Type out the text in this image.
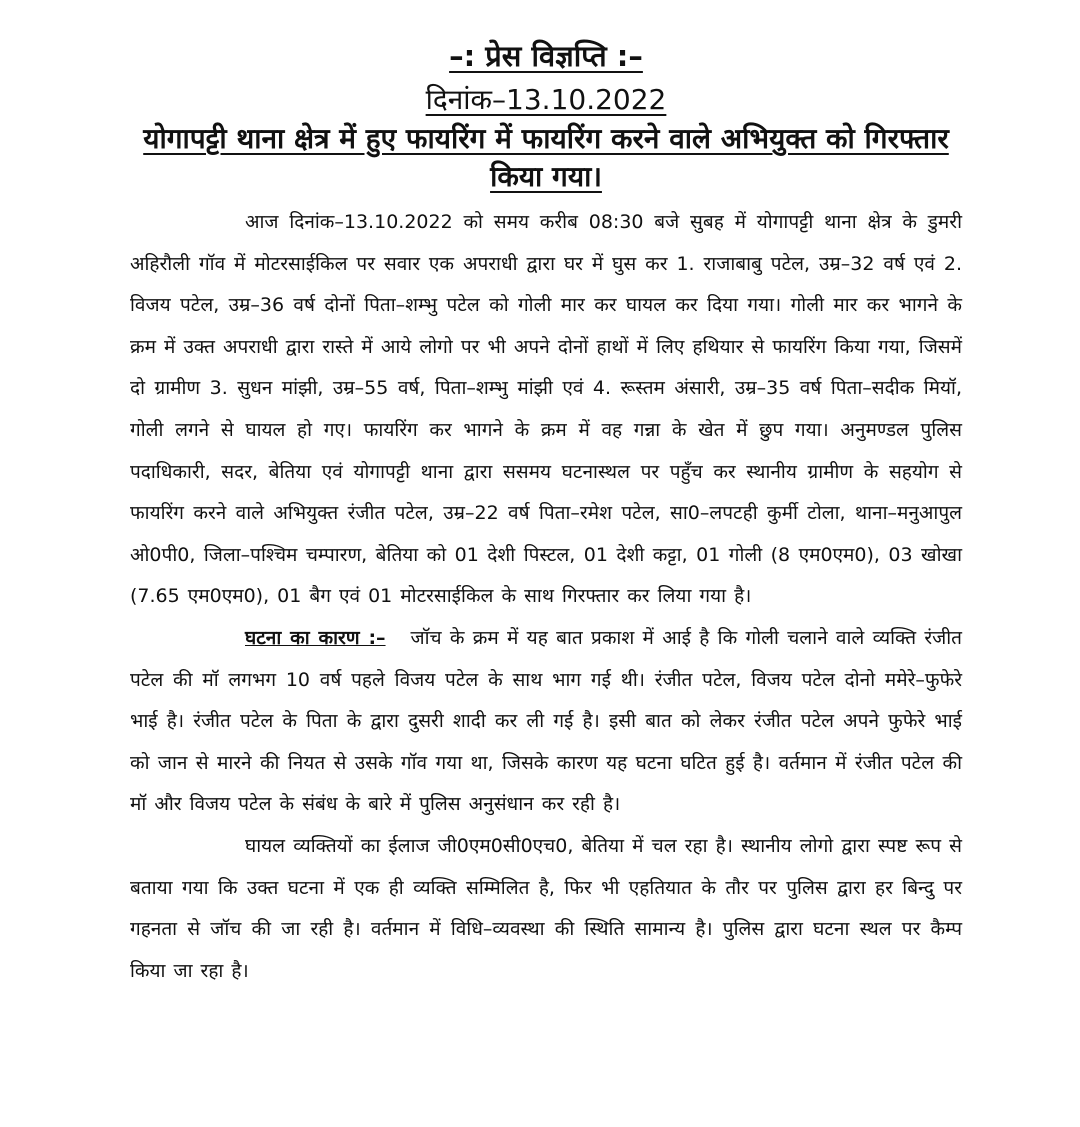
–: प्रेस विज्ञप्ति :–
दिनांक–13.10.2022
योगापट्टी थाना क्षेत्र में हुए फायरिंग में फायरिंग करने वाले अभियुक्त को गिरफ्तार किया गया।

आज दिनांक–13.10.2022 को समय करीब 08:30 बजे सुबह में योगापट्टी थाना क्षेत्र के डुमरी अहिरौली गॉव में मोटरसाईकिल पर सवार एक अपराधी द्वारा घर में घुस कर 1. राजाबाबु पटेल, उम्र–32 वर्ष एवं 2. विजय पटेल, उम्र–36 वर्ष दोनों पिता–शम्भु पटेल को गोली मार कर घायल कर दिया गया। गोली मार कर भागने के क्रम में उक्त अपराधी द्वारा रास्ते में आये लोगो पर भी अपने दोनों हाथों में लिए हथियार से फायरिंग किया गया, जिसमें दो ग्रामीण 3. सुधन मांझी, उम्र–55 वर्ष, पिता–शम्भु मांझी एवं 4. रूस्तम अंसारी, उम्र–35 वर्ष पिता–सदीक मियॉ, गोली लगने से घायल हो गए। फायरिंग कर भागने के क्रम में वह गन्ना के खेत में छुप गया। अनुमण्डल पुलिस पदाधिकारी, सदर, बेतिया एवं योगापट्टी थाना द्वारा ससमय घटनास्थल पर पहुँच कर स्थानीय ग्रामीण के सहयोग से फायरिंग करने वाले अभियुक्त रंजीत पटेल, उम्र–22 वर्ष पिता–रमेश पटेल, सा0–लपटही कुर्मी टोला, थाना–मनुआपुल ओ0पी0, जिला–पश्चिम चम्पारण, बेतिया को 01 देशी पिस्टल, 01 देशी कट्टा, 01 गोली (8 एम0एम0), 03 खोखा (7.65 एम0एम0), 01 बैग एवं 01 मोटरसाईकिल के साथ गिरफ्तार कर लिया गया है।

घटना का कारण :– जॉच के क्रम में यह बात प्रकाश में आई है कि गोली चलाने वाले व्यक्ति रंजीत पटेल की मॉ लगभग 10 वर्ष पहले विजय पटेल के साथ भाग गई थी। रंजीत पटेल, विजय पटेल दोनो ममेरे–फुफेरे भाई है। रंजीत पटेल के पिता के द्वारा दुसरी शादी कर ली गई है। इसी बात को लेकर रंजीत पटेल अपने फुफेरे भाई को जान से मारने की नियत से उसके गॉव गया था, जिसके कारण यह घटना घटित हुई है। वर्तमान में रंजीत पटेल की मॉ और विजय पटेल के संबंध के बारे में पुलिस अनुसंधान कर रही है।

घायल व्यक्तियों का ईलाज जी0एम0सी0एच0, बेतिया में चल रहा है। स्थानीय लोगो द्वारा स्पष्ट रूप से बताया गया कि उक्त घटना में एक ही व्यक्ति सम्मिलित है, फिर भी एहतियात के तौर पर पुलिस द्वारा हर बिन्दु पर गहनता से जॉच की जा रही है। वर्तमान में विधि–व्यवस्था की स्थिति सामान्य है। पुलिस द्वारा घटना स्थल पर कैम्प किया जा रहा है।
